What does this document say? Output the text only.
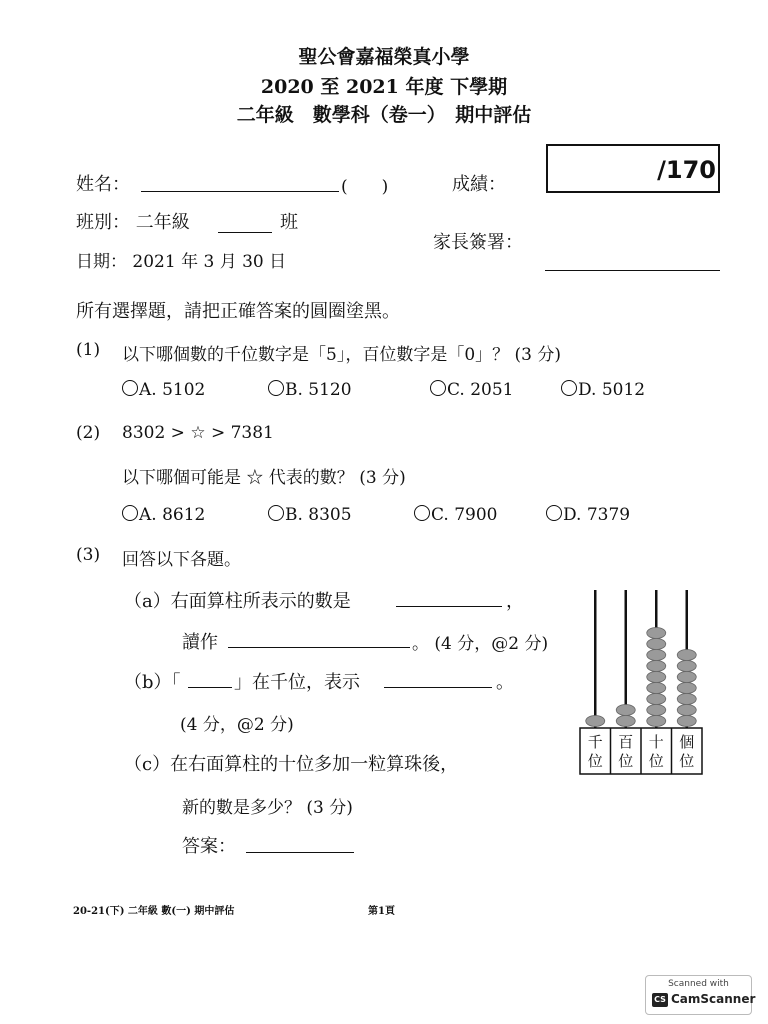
聖公會嘉福榮真小學
2020 至 2021 年度 下學期
二年級　數學科（卷一）　期中評估
姓名：	(　　)	成績：
/170
班別： 二年級	班
家長簽署：
日期： 2021 年 3 月 30 日
所有選擇題，請把正確答案的圓圈塗黑。
(1) 以下哪個數的千位數字是「5」，百位數字是「0」？ (3 分)
A. 5102	B. 5120	C. 2051	D. 5012
(2) 8302 > ☆ > 7381
以下哪個可能是 ☆ 代表的數？ (3 分)
A. 8612	B. 8305	C. 7900	D. 7379
(3) 回答以下各題。
（a）右面算柱所表示的數是	，
讀作	。 (4 分，@2 分)
（b）「	」在千位，表示	。
(4 分，@2 分)
（c）在右面算柱的十位多加一粒算珠後，
新的數是多少？ (3 分)
答案：
千
位
百
位
十
位
個
位
20-21(下) 二年級 數(一) 期中評估	第1頁
Scanned with
CS CamScanner
